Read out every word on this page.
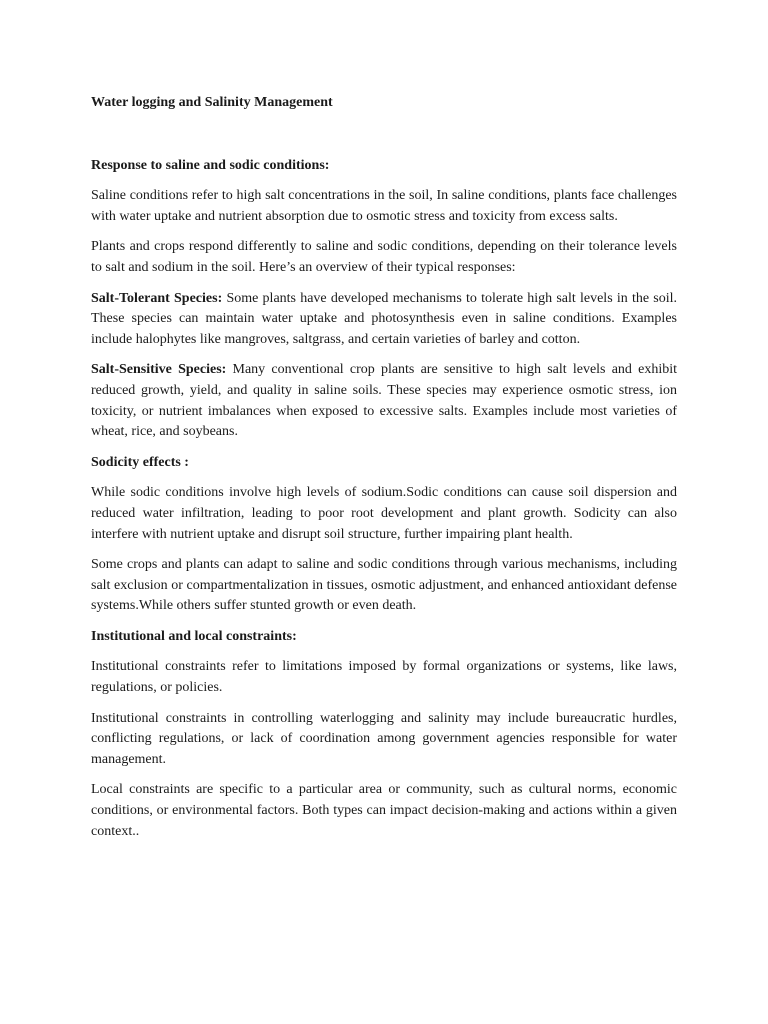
Water logging and Salinity Management
Response to saline and sodic conditions:

Saline conditions refer to high salt concentrations in the soil, In saline conditions, plants face challenges with water uptake and nutrient absorption due to osmotic stress and toxicity from excess salts.

Plants and crops respond differently to saline and sodic conditions, depending on their tolerance levels to salt and sodium in the soil. Here’s an overview of their typical responses:

Salt-Tolerant Species: Some plants have developed mechanisms to tolerate high salt levels in the soil. These species can maintain water uptake and photosynthesis even in saline conditions. Examples include halophytes like mangroves, saltgrass, and certain varieties of barley and cotton.

Salt-Sensitive Species: Many conventional crop plants are sensitive to high salt levels and exhibit reduced growth, yield, and quality in saline soils. These species may experience osmotic stress, ion toxicity, or nutrient imbalances when exposed to excessive salts. Examples include most varieties of wheat, rice, and soybeans.

Sodicity effects :

While sodic conditions involve high levels of sodium.Sodic conditions can cause soil dispersion and reduced water infiltration, leading to poor root development and plant growth. Sodicity can also interfere with nutrient uptake and disrupt soil structure, further impairing plant health.

Some crops and plants can adapt to saline and sodic conditions through various mechanisms, including salt exclusion or compartmentalization in tissues, osmotic adjustment, and enhanced antioxidant defense systems.While others suffer stunted growth or even death.

Institutional and local constraints:

Institutional constraints refer to limitations imposed by formal organizations or systems, like laws, regulations, or policies.

Institutional constraints in controlling waterlogging and salinity may include bureaucratic hurdles, conflicting regulations, or lack of coordination among government agencies responsible for water management.

Local constraints are specific to a particular area or community, such as cultural norms, economic conditions, or environmental factors. Both types can impact decision-making and actions within a given context..
